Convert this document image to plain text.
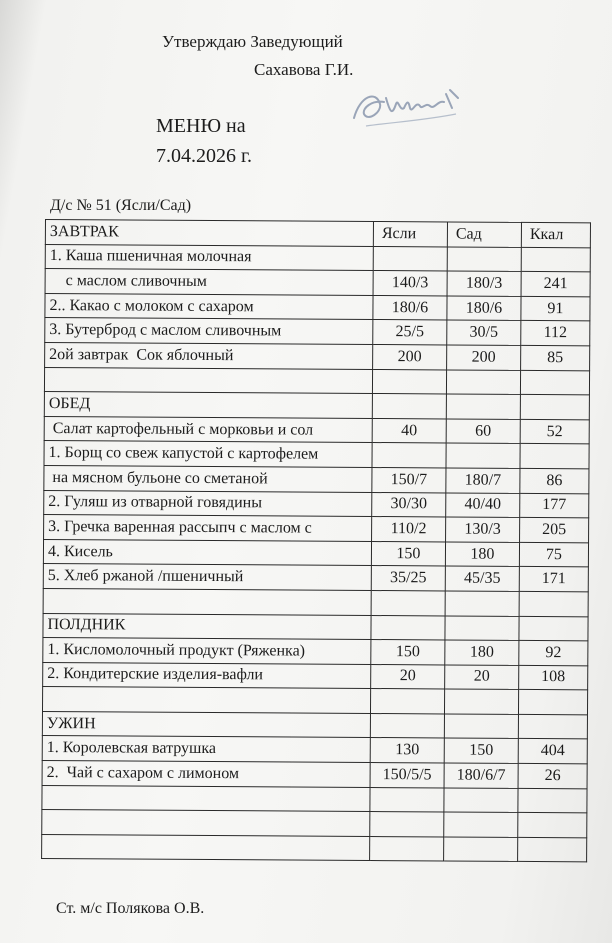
Утверждаю Заведующий
Сахавова Г.И.
МЕНЮ на
7.04.2026 г.
Д/с № 51 (Ясли/Сад)
ЗАВТРАК	Ясли	Сад	Ккал
1. Каша пшеничная молочная			
с маслом сливочным	140/3	180/3	241
2.. Какао с молоком с сахаром	180/6	180/6	91
3. Бутерброд с маслом сливочным	25/5	30/5	112
2ой завтрак  Сок яблочный	200	200	85

ОБЕД			
Салат картофельный с морковьи и сол	40	60	52
1. Борщ со свеж капустой с картофелем			
на мясном бульоне со сметаной	150/7	180/7	86
2. Гуляш из отварной говядины	30/30	40/40	177
3. Гречка варенная рассыпч с маслом с	110/2	130/3	205
4. Кисель	150	180	75
5. Хлеб ржаной /пшеничный	35/25	45/35	171

ПОЛДНИК			
1. Кисломолочный продукт (Ряженка)	150	180	92
2. Кондитерские изделия-вафли	20	20	108

УЖИН			
1. Королевская ватрушка	130	150	404
2.  Чай с сахаром с лимоном	150/5/5	180/6/7	26

Ст. м/с Полякова О.В.
